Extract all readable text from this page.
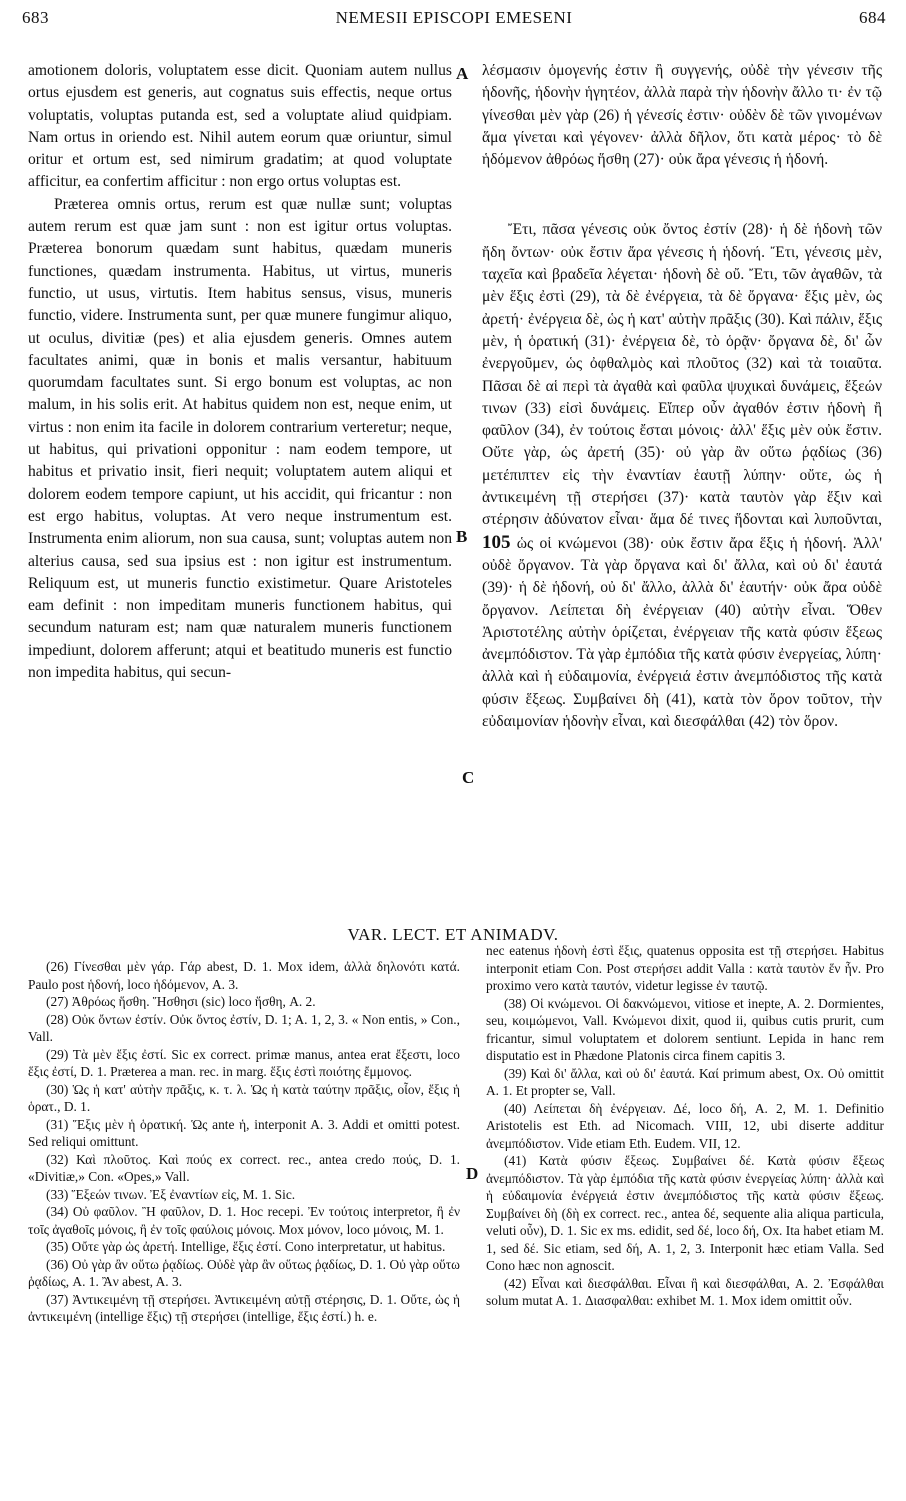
683	NEMESII EPISCOPI EMESENI	684

amotionem doloris, voluptatem esse dicit. Quoniam autem nullus ortus ejusdem est generis, aut cognatus suis effectis, neque ortus voluptatis, voluptas putanda est, sed a voluptate aliud quidpiam. Nam ortus in oriendo est. Nihil autem eorum quæ oriuntur, simul oritur et ortum est, sed nimirum gradatim; at quod voluptate afficitur, ea confertim afficitur : non ergo ortus voluptas est.

Præterea omnis ortus, rerum est quæ nullæ sunt; voluptas autem rerum est quæ jam sunt : non est igitur ortus voluptas. Præterea bonorum quædam sunt habitus, quædam muneris functiones, quædam instrumenta. Habitus, ut virtus, muneris functio, ut usus, virtutis. Item habitus sensus, visus, muneris functio, videre. Instrumenta sunt, per quæ munere fungimur aliquo, ut oculus, divitiæ (pes) et alia ejusdem generis. Omnes autem facultates animi, quæ in bonis et malis versantur, habituum quorumdam facultates sunt. Si ergo bonum est voluptas, ac non malum, in his solis erit. At habitus quidem non est, neque enim, ut virtus : non enim ita facile in dolorem contrarium verteretur; neque, ut habitus, qui privationi opponitur : nam eodem tempore, ut habitus et privatio insit, fieri nequit; voluptatem autem aliqui et dolorem eodem tempore capiunt, ut his accidit, qui fricantur : non est ergo habitus, voluptas. At vero neque instrumentum est. Instrumenta enim aliorum, non sua causa, sunt; voluptas autem non alterius causa, sed sua ipsius est : non igitur est instrumentum. Reliquum est, ut muneris functio existimetur. Quare Aristoteles eam definit : non impeditam muneris functionem habitus, qui secundum naturam est; nam quæ naturalem muneris functionem impediunt, dolorem afferunt; atqui et beatitudo muneris est functio non impedita habitus, qui secun-

A
B
C
D

λέσμασιν ὁμογενής ἐστιν ἢ συγγενής, οὐδὲ τὴν γένεσιν τῆς ἡδονῆς, ἡδονὴν ἡγητέον, ἀλλὰ παρὰ τὴν ἡδονὴν ἄλλο τι· ἐν τῷ γίνεσθαι μὲν γὰρ (26) ἡ γένεσίς ἐστιν· οὐδὲν δὲ τῶν γινομένων ἅμα γίνεται καὶ γέγονεν· ἀλλὰ δῆλον, ὅτι κατὰ μέρος· τὸ δὲ ἡδόμενον ἀθρόως ἥσθη (27)· οὐκ ἄρα γένεσις ἡ ἡδονή.

Ἔτι, πᾶσα γένεσις οὐκ ὄντος ἐστίν (28)· ἡ δὲ ἡδονὴ τῶν ἤδη ὄντων· οὐκ ἔστιν ἄρα γένεσις ἡ ἡδονή. Ἔτι, γένεσις μὲν, ταχεῖα καὶ βραδεῖα λέγεται· ἡδονὴ δὲ οὔ. Ἔτι, τῶν ἀγαθῶν, τὰ μὲν ἕξις ἐστὶ (29), τὰ δὲ ἐνέργεια, τὰ δὲ ὄργανα· ἕξις μὲν, ὡς ἀρετή· ἐνέργεια δὲ, ὡς ἡ κατ' αὐτὴν πρᾶξις (30). Καὶ πάλιν, ἕξις μὲν, ἡ ὁρατική (31)· ἐνέργεια δὲ, τὸ ὁρᾷν· ὄργανα δὲ, δι' ὧν ἐνεργοῦμεν, ὡς ὀφθαλμὸς καὶ πλοῦτος (32) καὶ τὰ τοιαῦτα. Πᾶσαι δὲ αἱ περὶ τὰ ἀγαθὰ καὶ φαῦλα ψυχικαὶ δυνάμεις, ἕξεών τινων (33) εἰσὶ δυνάμεις. Εἴπερ οὖν ἀγαθόν ἐστιν ἡδονὴ ἢ φαῦλον (34), ἐν τούτοις ἔσται μόνοις· ἀλλ' ἕξις μὲν οὐκ ἔστιν. Οὔτε γὰρ, ὡς ἀρετή (35)· οὐ γὰρ ἂν οὕτω ῥᾳδίως (36) μετέπιπτεν εἰς τὴν ἐναντίαν ἑαυτῇ λύπην· οὔτε, ὡς ἡ ἀντικειμένη τῇ στερήσει (37)· κατὰ ταυτὸν γὰρ ἕξιν καὶ στέρησιν ἀδύνατον εἶναι· ἅμα δέ τινες ἥδονται καὶ λυποῦνται, 105 ὡς οἱ κνώμενοι (38)· οὐκ ἔστιν ἄρα ἕξις ἡ ἡδονή. Ἀλλ' οὐδὲ ὄργανον. Τὰ γὰρ ὄργανα καὶ δι' ἄλλα, καὶ οὐ δι' ἑαυτά (39)· ἡ δὲ ἡδονή, οὐ δι' ἄλλο, ἀλλὰ δι' ἑαυτήν· οὐκ ἄρα οὐδὲ ὄργανον. Λείπεται δὴ ἐνέργειαν (40) αὐτὴν εἶναι. Ὅθεν Ἀριστοτέλης αὐτὴν ὁρίζεται, ἐνέργειαν τῆς κατὰ φύσιν ἕξεως ἀνεμπόδιστον. Τὰ γὰρ ἐμπόδια τῆς κατὰ φύσιν ἐνεργείας, λύπη· ἀλλὰ καὶ ἡ εὐδαιμονία, ἐνέργειά ἐστιν ἀνεμπόδιστος τῆς κατὰ φύσιν ἕξεως. Συμβαίνει δὴ (41), κατὰ τὸν ὅρον τοῦτον, τὴν εὐδαιμονίαν ἡδονὴν εἶναι, καὶ διεσφάλθαι (42) τὸν ὅρον.

VAR. LECT. ET ANIMADV.

(26) Γίνεσθαι μὲν γάρ. Γάρ abest, D. 1. Mox idem, ἀλλὰ δηλονότι κατά. Paulo post ἡδονή, loco ἡδόμενον, A. 3.

(27) Ἀθρόως ἥσθη. Ἥσθησι (sic) loco ἥσθη, A. 2.

(28) Οὐκ ὄντων ἐστίν. Οὐκ ὄντος ἐστίν, D. 1; A. 1, 2, 3. « Non entis, » Con., Vall.

(29) Τὰ μὲν ἕξις ἐστί. Sic ex correct. primæ manus, antea erat ἔξεστι, loco ἕξις ἐστί, D. 1. Præterea a man. rec. in marg. ἕξις ἐστὶ ποιότης ἔμμονος.

(30) Ὡς ἡ κατ' αὐτὴν πρᾶξις, κ. τ. λ. Ὡς ἡ κατὰ ταύτην πρᾶξις, οἷον, ἕξις ἡ ὁρατ., D. 1.

(31) Ἕξις μὲν ἡ ὁρατική. Ὡς ante ἡ, interponit A. 3. Addi et omitti potest. Sed reliqui omittunt.

(32) Καὶ πλοῦτος. Καὶ πούς ex correct. rec., antea credo πούς, D. 1. «Divitiæ,» Con. «Opes,» Vall.

(33) Ἕξεών τινων. Ἐξ ἐναντίων εἰς, M. 1. Sic.

(34) Οὐ φαῦλον. Ἢ φαῦλον, D. 1. Hoc recepi. Ἐν τούτοις interpretor, ἢ ἐν τοῖς ἀγαθοῖς μόνοις, ἢ ἐν τοῖς φαύλοις μόνοις. Mox μόνον, loco μόνοις, M. 1.

(35) Οὔτε γὰρ ὡς ἀρετή. Intellige, ἕξις ἐστί. Cono interpretatur, ut habitus.

(36) Οὐ γὰρ ἂν οὕτω ῥᾳδίως. Οὐδὲ γὰρ ἂν οὕτως ῥᾳδίως, D. 1. Οὐ γὰρ οὕτω ῥᾳδίως, A. 1. Ἂν abest, A. 3.

(37) Ἀντικειμένη τῇ στερήσει. Ἀντικειμένη αὐτῇ στέρησις, D. 1. Οὔτε, ὡς ἡ ἀντικειμένη (intellige ἕξις) τῇ στερήσει (intellige, ἕξις ἐστί.) h. e.

nec eatenus ἡδονὴ ἐστὶ ἕξις, quatenus opposita est τῇ στερήσει. Habitus interponit etiam Con. Post στερήσει addit Valla : κατὰ ταυτὸν ἕν ἦν. Pro proximo vero κατὰ ταυτόν, videtur legisse ἐν ταυτῷ.

(38) Οἱ κνώμενοι. Οἱ δακνώμενοι, vitiose et inepte, A. 2. Dormientes, seu, κοιμώμενοι, Vall. Κνώμενοι dixit, quod ii, quibus cutis prurit, cum fricantur, simul voluptatem et dolorem sentiunt. Lepida in hanc rem disputatio est in Phædone Platonis circa finem capitis 3.

(39) Καὶ δι' ἄλλα, καὶ οὐ δι' ἑαυτά. Καί primum abest, Ox. Οὐ omittit A. 1. Et propter se, Vall.

(40) Λείπεται δὴ ἐνέργειαν. Δέ, loco δή, A. 2, M. 1. Definitio Aristotelis est Eth. ad Nicomach. VIII, 12, ubi diserte additur ἀνεμπόδιστον. Vide etiam Eth. Eudem. VII, 12.

(41) Κατὰ φύσιν ἕξεως. Συμβαίνει δέ. Κατὰ φύσιν ἕξεως ἀνεμπόδιστον. Τὰ γὰρ ἐμπόδια τῆς κατὰ φύσιν ἐνεργείας λύπη· ἀλλὰ καὶ ἡ εὐδαιμονία ἐνέργειά ἐστιν ἀνεμπόδιστος τῆς κατὰ φύσιν ἕξεως. Συμβαίνει δὴ (δὴ ex correct. rec., antea δέ, sequente alia aliqua particula, veluti οὖν), D. 1. Sic ex ms. edidit, sed δέ, loco δή, Ox. Ita habet etiam M. 1, sed δέ. Sic etiam, sed δή, A. 1, 2, 3. Interponit hæc etiam Valla. Sed Cono hæc non agnoscit.

(42) Εἶναι καὶ διεσφάλθαι. Εἶναι ἢ καὶ διεσφάλθαι, A. 2. Ἐσφάλθαι solum mutat A. 1. Διασφαλθαι: exhibet M. 1. Mox idem omittit οὖν.
